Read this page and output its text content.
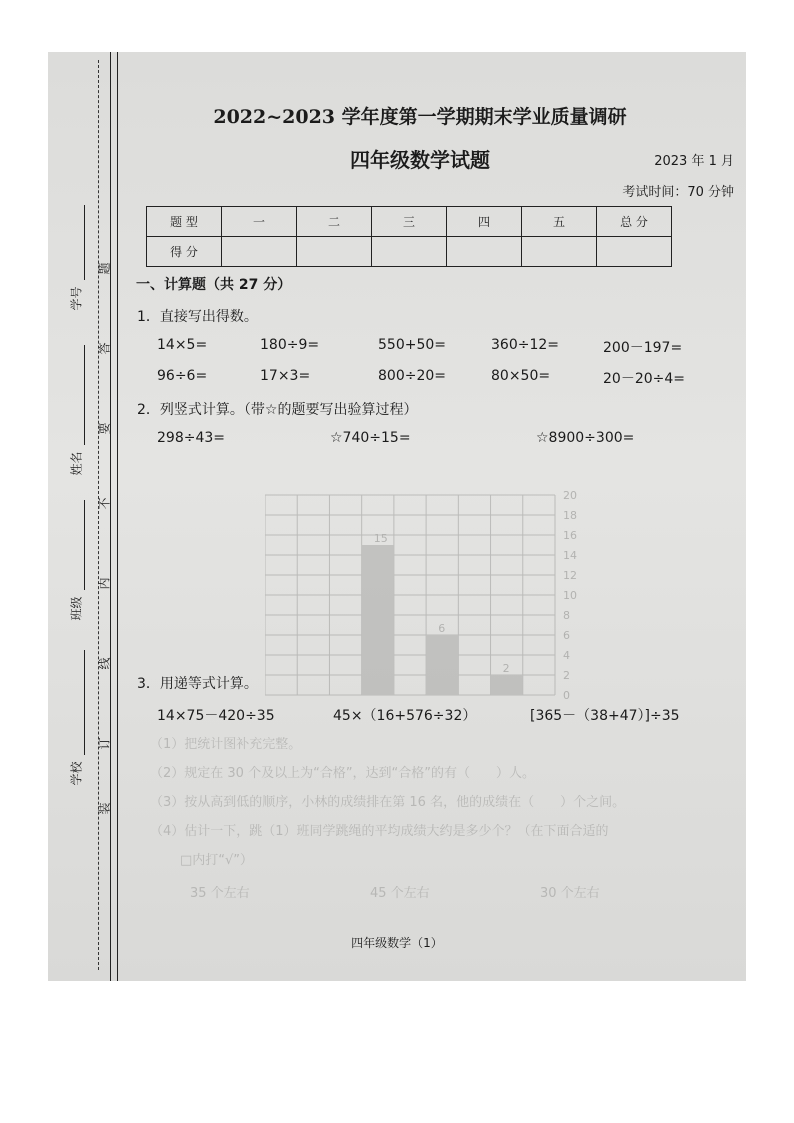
学号
姓名
班级
学校
题
答
要
不
内
线
订
装
15
6
2
0
2
4
6
8
10
12
14
16
18
20
2022~2023 学年度第一学期期末学业质量调研
四年级数学试题	2023 年 1 月
考试时间：70 分钟
题 型	一	二	三	四	五	总 分
得 分						
一、计算题（共 27 分）
1．直接写出得数。
14×5=	180÷9=	550+50=	360÷12=	200－197=
96÷6=	17×3=	800÷20=	80×50=	20－20÷4=
2．列竖式计算。（带☆的题要写出验算过程）
298÷43=	☆740÷15=	☆8900÷300=
3．用递等式计算。
14×75－420÷35	45×（16+576÷32）	[365－（38+47）]÷35
（1）把统计图补充完整。
（2）规定在 30 个及以上为“合格”，达到“合格”的有（　　）人。
（3）按从高到低的顺序，小林的成绩排在第 16 名，他的成绩在（　　）个之间。
（4）估计一下，跳（1）班同学跳绳的平均成绩大约是多少个？（在下面合适的
□内打“√”）
35 个左右	45 个左右	30 个左右
四年级数学（1）
